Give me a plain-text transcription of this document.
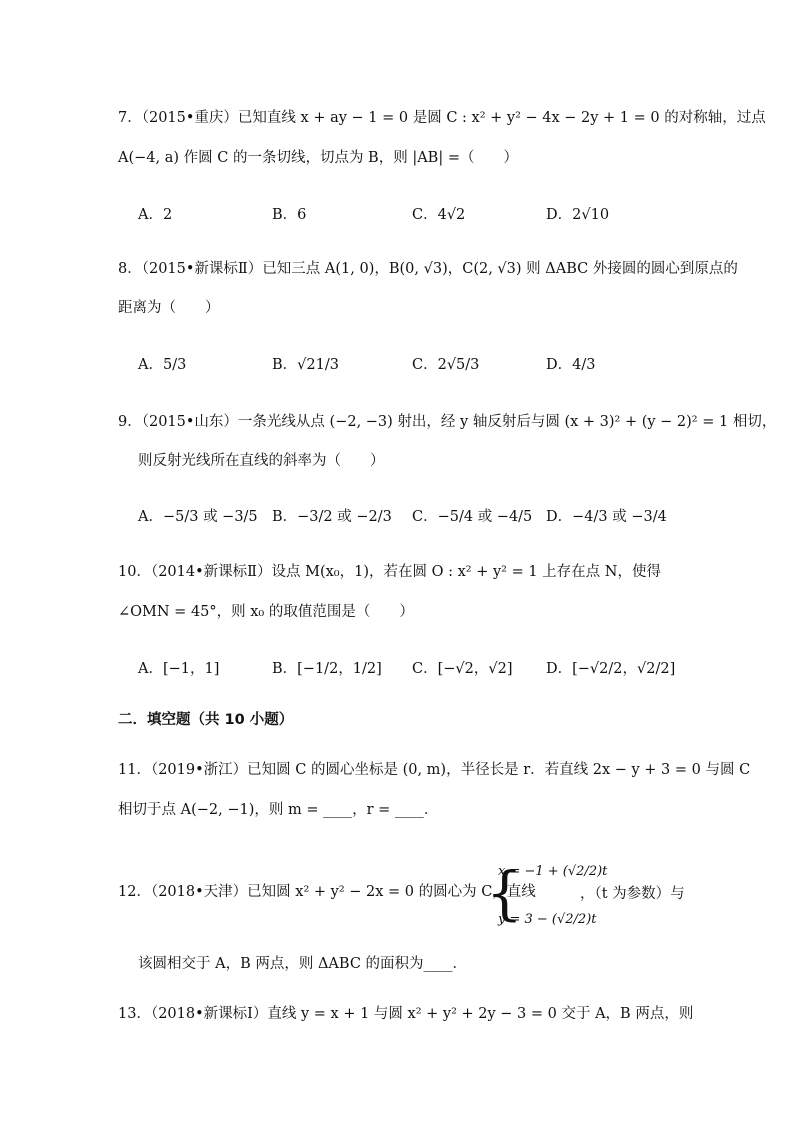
7．（2015•重庆）已知直线 x + ay − 1 = 0 是圆 C : x² + y² − 4x − 2y + 1 = 0 的对称轴，过点
A(−4, a) 作圆 C 的一条切线，切点为 B，则 |AB| =（　　）
A．2	B．6	C．4√2	D．2√10
8．（2015•新课标Ⅱ）已知三点 A(1, 0)，B(0, √3)，C(2, √3) 则 ΔABC 外接圆的圆心到原点的
距离为（　　）
A．5/3	B．√21/3	C．2√5/3	D．4/3
9．（2015•山东）一条光线从点 (−2, −3) 射出，经 y 轴反射后与圆 (x + 3)² + (y − 2)² = 1 相切，
则反射光线所在直线的斜率为（　　）
A．−5/3 或 −3/5 B．−3/2 或 −2/3 C．−5/4 或 −4/5 D．−4/3 或 −3/4
10．（2014•新课标Ⅱ）设点 M(x₀，1)，若在圆 O : x² + y² = 1 上存在点 N，使得
∠OMN = 45°，则 x₀ 的取值范围是（　　）
A．[−1，1]	B．[−1/2，1/2] C．[−√2，√2] D．[−√2/2，√2/2]
二．填空题（共 10 小题）
11．（2019•浙江）已知圆 C 的圆心坐标是 (0, m)，半径长是 r．若直线 2x − y + 3 = 0 与圆 C
相切于点 A(−2, −1)，则 m = ____，r = ____．
12．（2018•天津）已知圆 x² + y² − 2x = 0 的圆心为 C，直线
{
x = −1 + (√2/2)t
y = 3 − (√2/2)t
，（t 为参数）与
该圆相交于 A，B 两点，则 ΔABC 的面积为____．
13．（2018•新课标Ⅰ）直线 y = x + 1 与圆 x² + y² + 2y − 3 = 0 交于 A，B 两点，则
